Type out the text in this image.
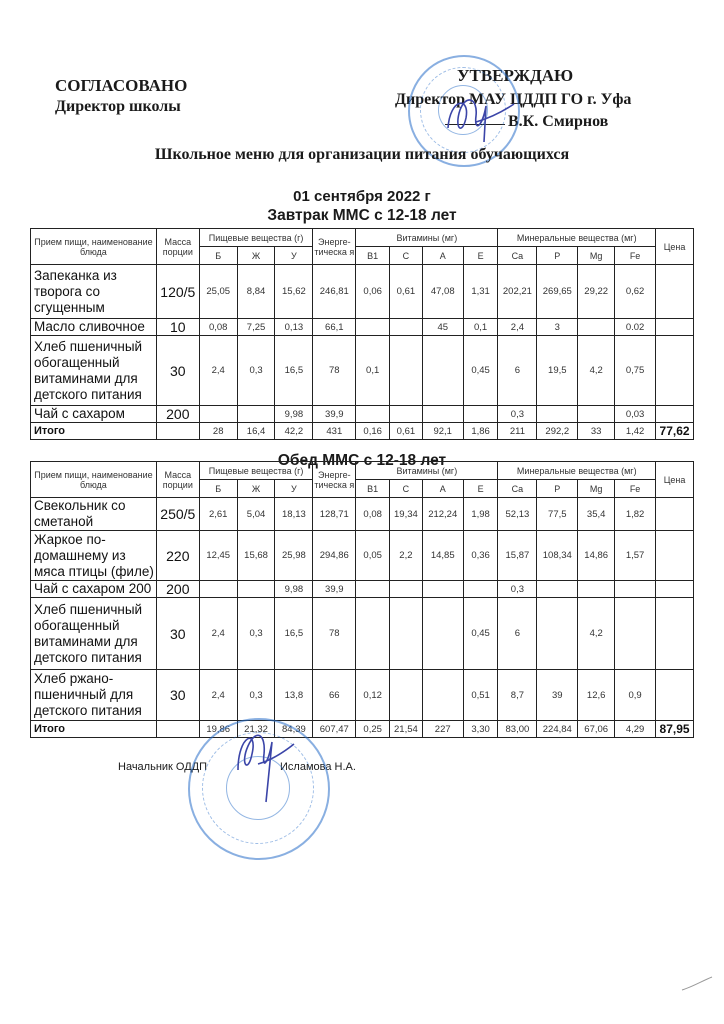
СОГЛАСОВАНО
Директор школы
УТВЕРЖДАЮ
Директор МАУ ЦДДП ГО г. Уфа
В.К. Смирнов
Школьное меню для организации питания обучающихся
01 сентября 2022 г
Завтрак ММС с 12-18 лет
Прием пищи, наименование блюда	Масса порции	Пищевые вещества (г)			Энерге-тическа я	Витамины (мг)				Минеральные вещества (мг)				Цена
		Б	Ж	У		В1	С	А	Е	Ca	P	Mg	Fe	
Запеканка из творога со сгущенным	120/5	25,05	8,84	15,62	246,81	0,06	0,61	47,08	1,31	202,21	269,65	29,22	0,62	
Масло сливочное	10	0,08	7,25	0,13	66,1			45	0,1	2,4	3		0.02	
Хлеб пшеничный обогащенный витаминами для детского питания	30	2,4	0,3	16,5	78	0,1			0,45	6	19,5	4,2	0,75	
Чай с сахаром	200			9,98	39,9					0,3			0,03	
Итого		28	16,4	42,2	431	0,16	0,61	92,1	1,86	211	292,2	33	1,42	77,62
Обед ММС с 12-18 лет
Прием пищи, наименование блюда	Масса порции	Пищевые вещества (г)			Энерге-тическа я	Витамины (мг)				Минеральные вещества (мг)				Цена
		Б	Ж	У		В1	С	А	Е	Ca	P	Mg	Fe	
Свекольник со сметаной	250/5	2,61	5,04	18,13	128,71	0,08	19,34	212,24	1,98	52,13	77,5	35,4	1,82	
Жаркое по-домашнему из мяса птицы (филе)	220	12,45	15,68	25,98	294,86	0,05	2,2	14,85	0,36	15,87	108,34	14,86	1,57	
Чай с сахаром 200	200			9,98	39,9					0,3				
Хлеб пшеничный обогащенный витаминами для детского питания	30	2,4	0,3	16,5	78				0,45	6		4,2		
Хлеб ржано-пшеничный для детского питания	30	2,4	0,3	13,8	66	0,12			0,51	8,7	39	12,6	0,9	
Итого		19,86	21,32	84,39	607,47	0,25	21,54	227	3,30	83,00	224,84	67,06	4,29	87,95
Начальник ОДДП	Исламова Н.А.
